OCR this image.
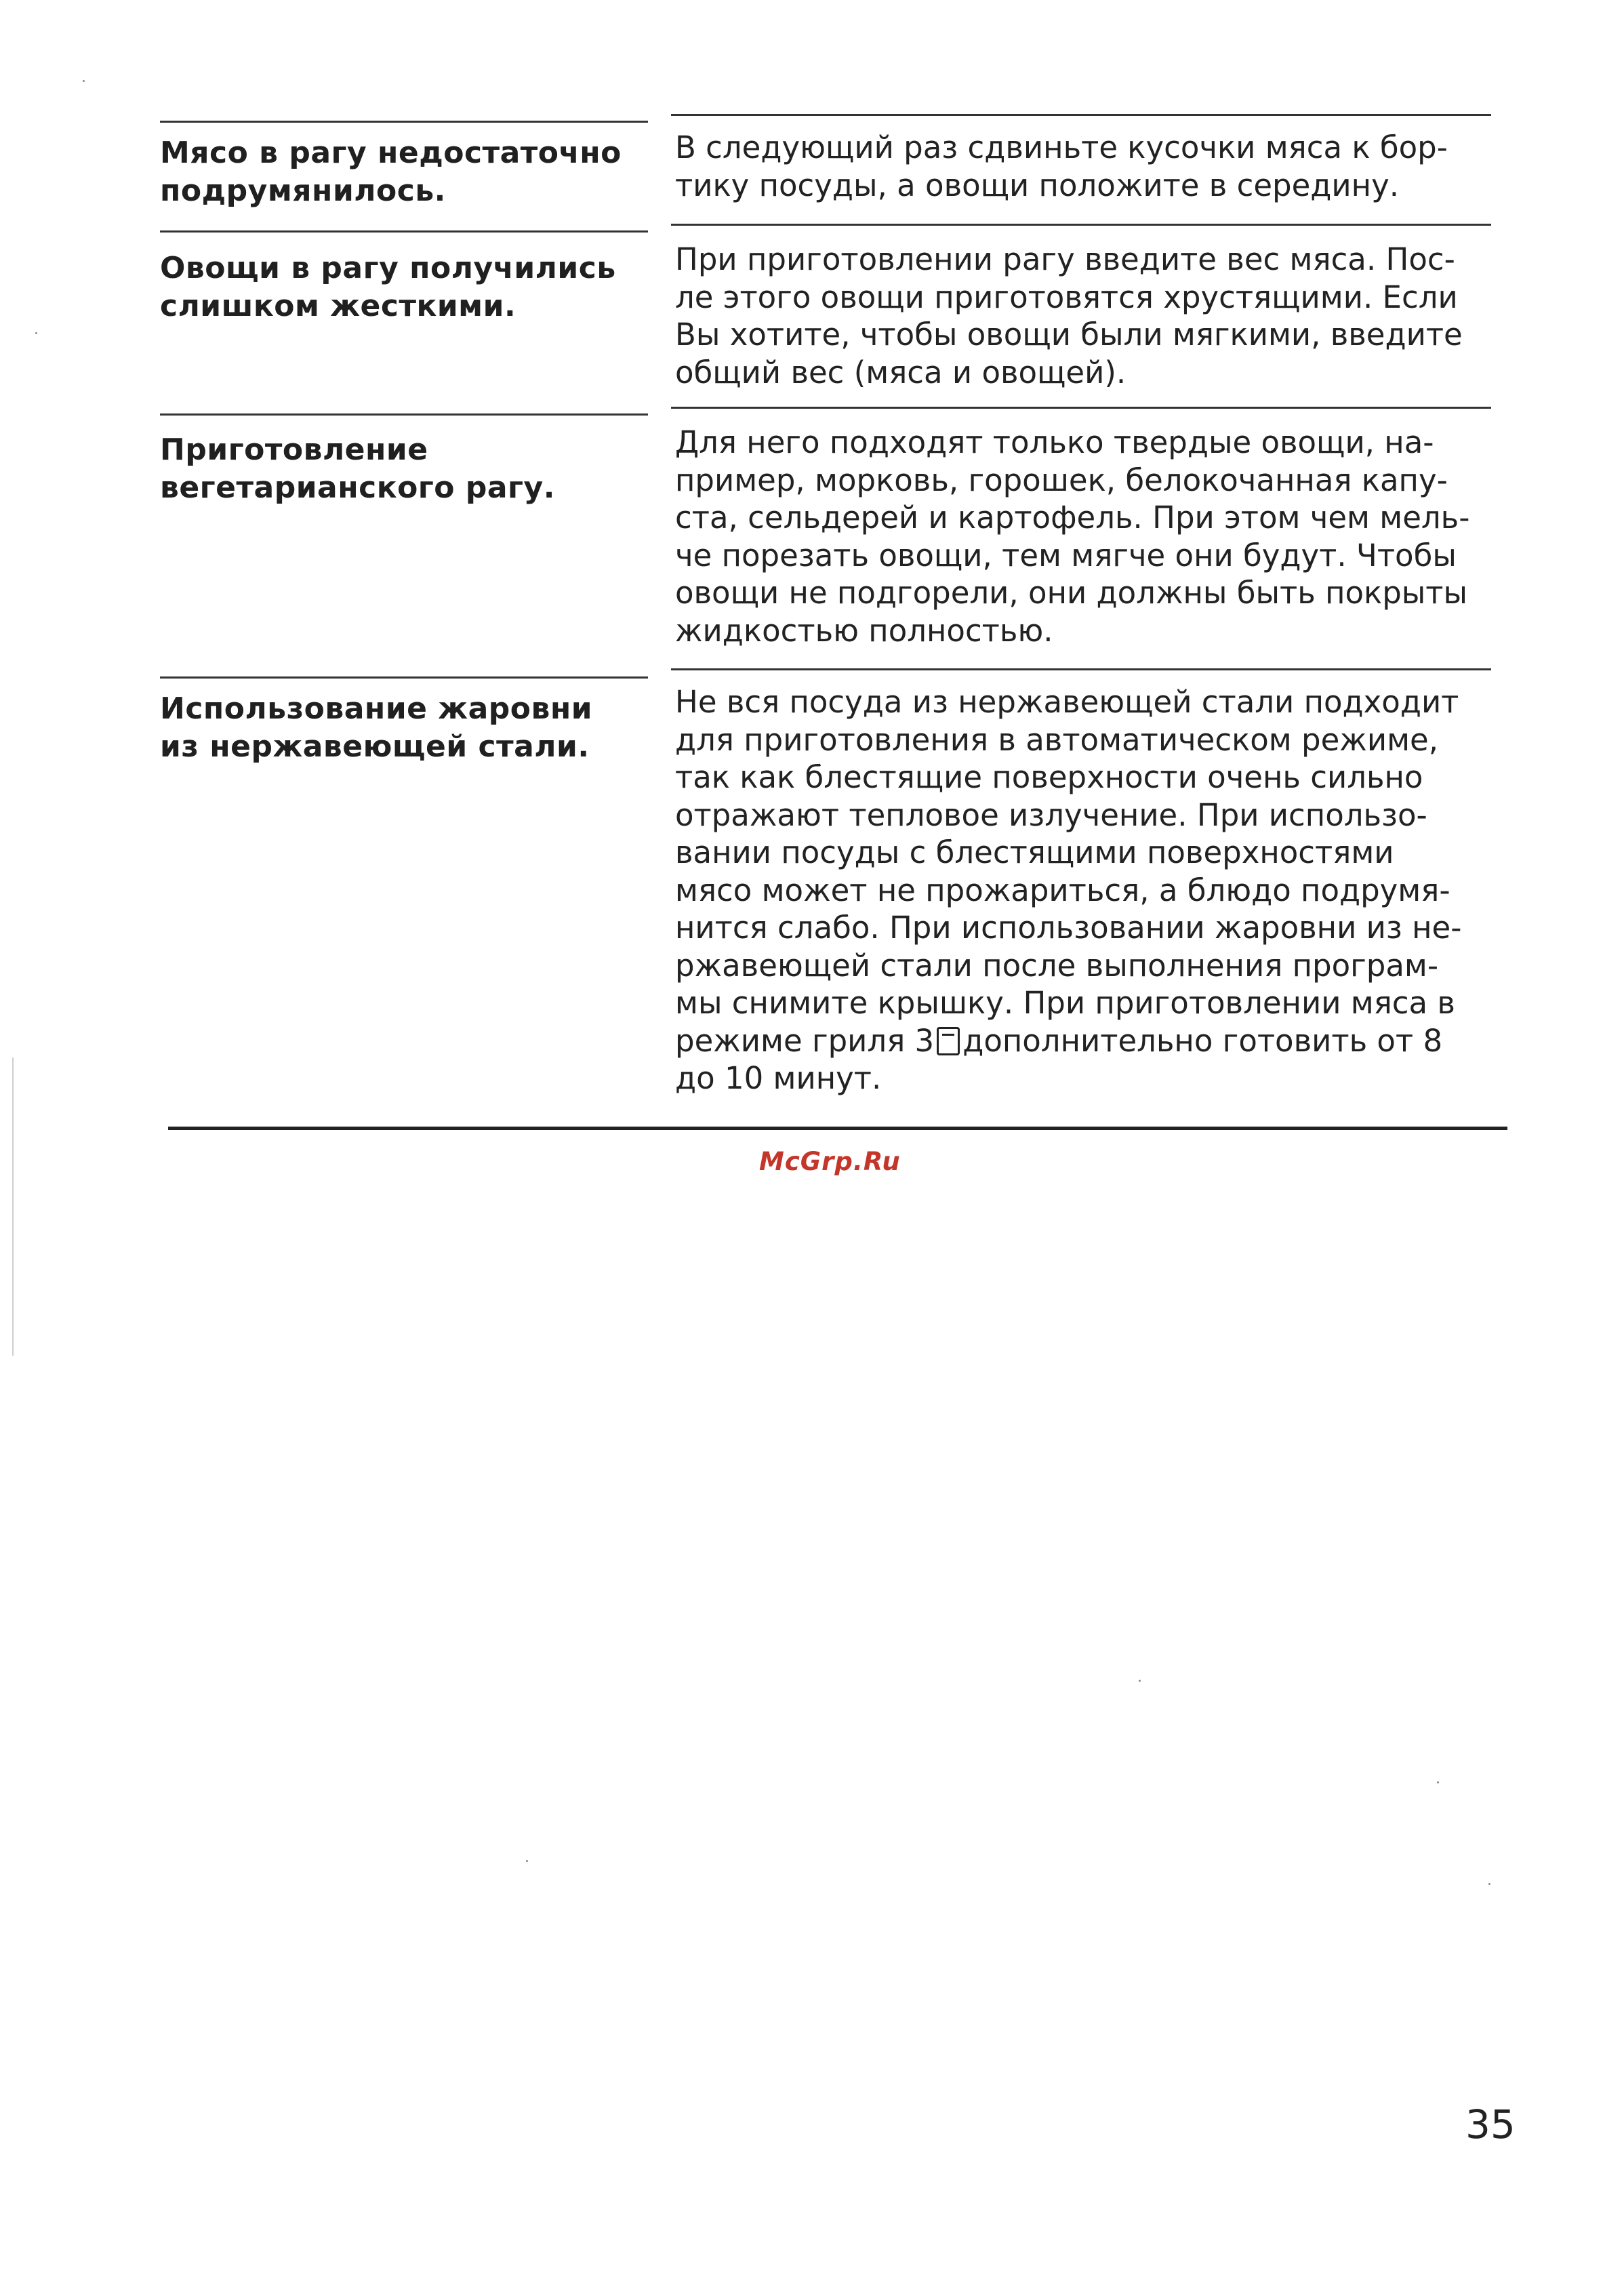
Мясо в рагу недостаточно
подрумянилось.
В следующий раз сдвиньте кусочки мяса к бор-
тику посуды, а овощи положите в середину.
Овощи в рагу получились
слишком жесткими.
При приготовлении рагу введите вес мяса. Пос-
ле этого овощи приготовятся хрустящими. Если
Вы хотите, чтобы овощи были мягкими, введите
общий вес (мяса и овощей).
Приготовление
вегетарианского рагу.
Для него подходят только твердые овощи, на-
пример, морковь, горошек, белокочанная капу-
ста, сельдерей и картофель. При этом чем мель-
че порезать овощи, тем мягче они будут. Чтобы
овощи не подгорели, они должны быть покрыты
жидкостью полностью.
Использование жаровни
из нержавеющей стали.
Не вся посуда из нержавеющей стали подходит
для приготовления в автоматическом режиме,
так как блестящие поверхности очень сильно
отражают тепловое излучение. При использо-
вании посуды с блестящими поверхностями
мясо может не прожариться, а блюдо подрумя-
нится слабо. При использовании жаровни из не-
ржавеющей стали после выполнения програм-
мы снимите крышку. При приготовлении мяса в
режиме гриля 3 дополнительно готовить от 8
до 10 минут.
McGrp.Ru
35
